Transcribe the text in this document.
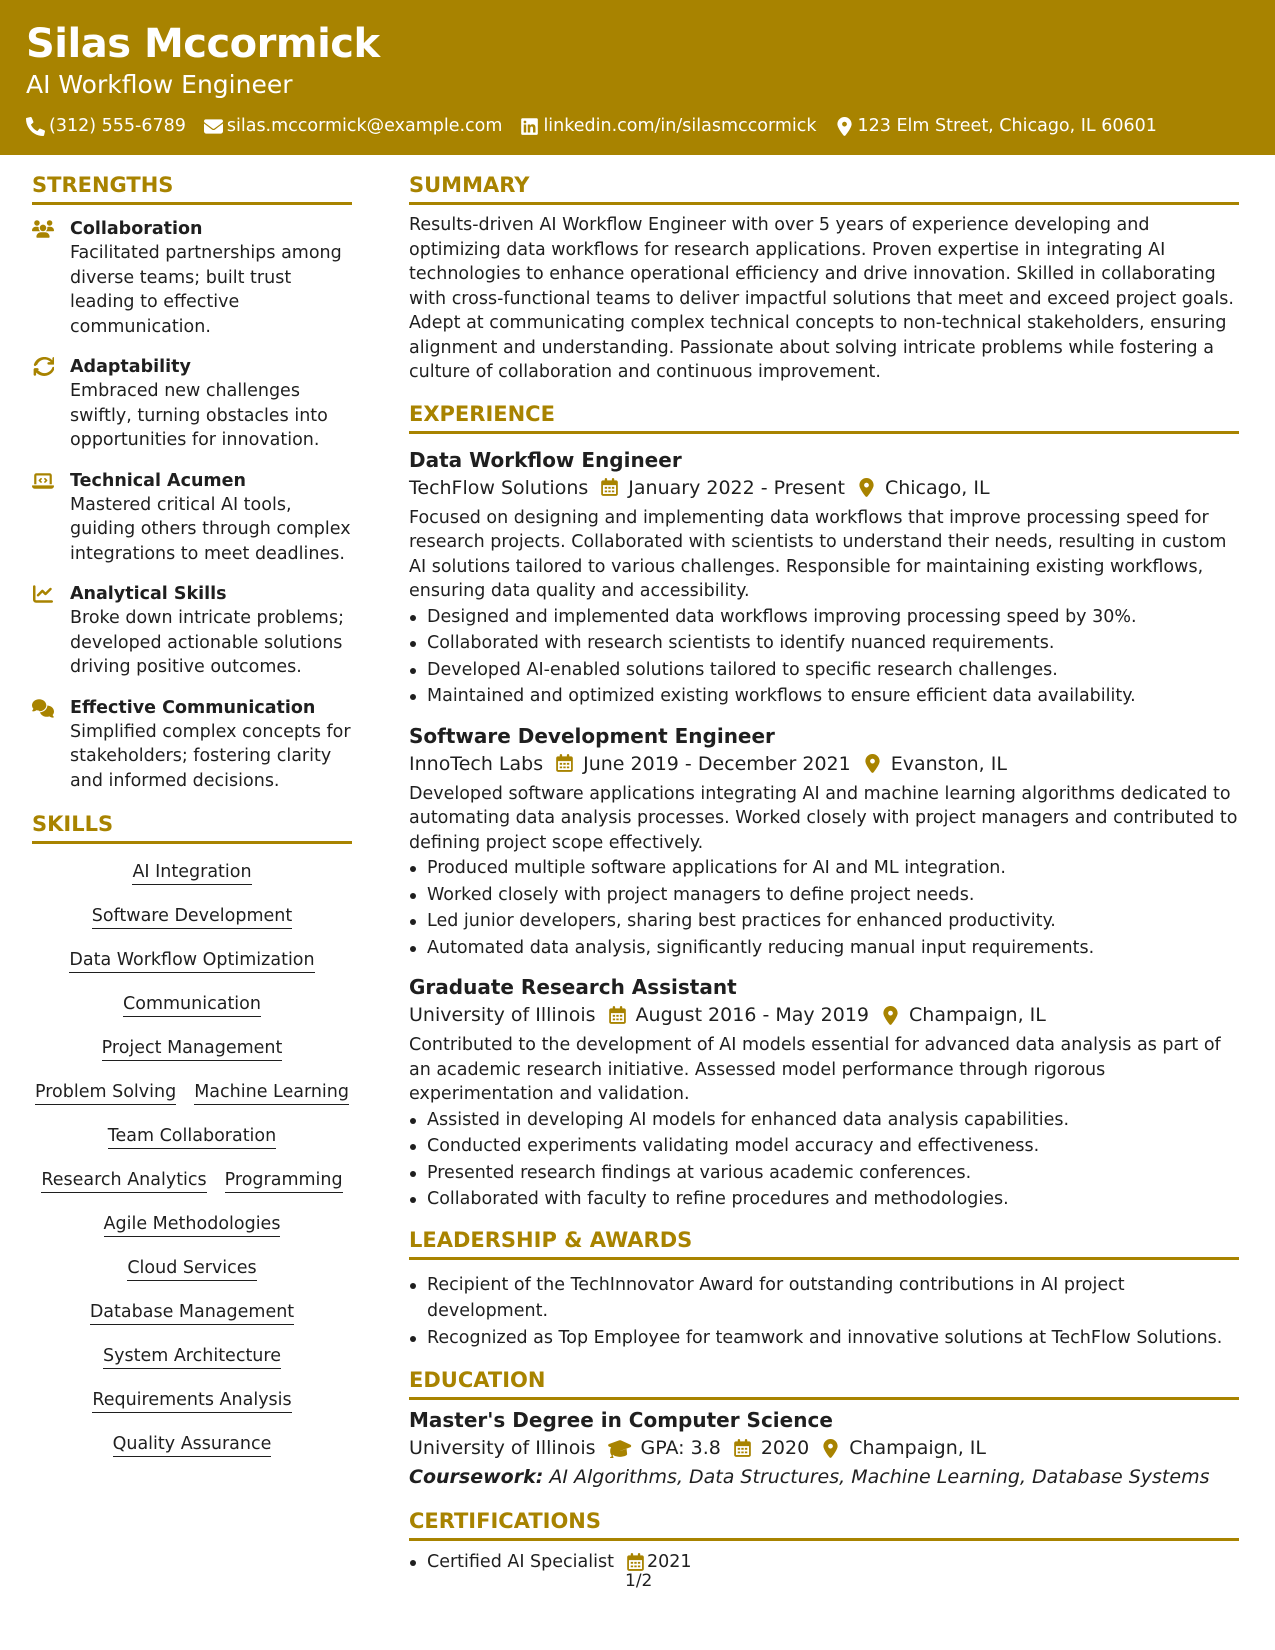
Silas Mccormick
AI Workflow Engineer
(312) 555-6789 silas.mccormick@example.com linkedin.com/in/silasmccormick 123 Elm Street, Chicago, IL 60601
STRENGTHS
Collaboration
Facilitated partnerships among diverse teams; built trust leading to effective communication.
Adaptability
Embraced new challenges swiftly, turning obstacles into opportunities for innovation.
Technical Acumen
Mastered critical AI tools, guiding others through complex integrations to meet deadlines.
Analytical Skills
Broke down intricate problems; developed actionable solutions driving positive outcomes.
Effective Communication
Simplified complex concepts for stakeholders; fostering clarity and informed decisions.
SKILLS
AI Integration
Software Development
Data Workflow Optimization
Communication
Project Management
Problem Solving Machine Learning
Team Collaboration
Research Analytics Programming
Agile Methodologies
Cloud Services
Database Management
System Architecture
Requirements Analysis
Quality Assurance
SUMMARY
Results-driven AI Workflow Engineer with over 5 years of experience developing and optimizing data workflows for research applications. Proven expertise in integrating AI technologies to enhance operational efficiency and drive innovation. Skilled in collaborating with cross-functional teams to deliver impactful solutions that meet and exceed project goals. Adept at communicating complex technical concepts to non-technical stakeholders, ensuring alignment and understanding. Passionate about solving intricate problems while fostering a culture of collaboration and continuous improvement.
EXPERIENCE
Data Workflow Engineer
TechFlow Solutions January 2022 - Present Chicago, IL
Focused on designing and implementing data workflows that improve processing speed for research projects. Collaborated with scientists to understand their needs, resulting in custom AI solutions tailored to various challenges. Responsible for maintaining existing workflows, ensuring data quality and accessibility.
Designed and implemented data workflows improving processing speed by 30%.
Collaborated with research scientists to identify nuanced requirements.
Developed AI-enabled solutions tailored to specific research challenges.
Maintained and optimized existing workflows to ensure efficient data availability.
Software Development Engineer
InnoTech Labs June 2019 - December 2021 Evanston, IL
Developed software applications integrating AI and machine learning algorithms dedicated to automating data analysis processes. Worked closely with project managers and contributed to defining project scope effectively.
Produced multiple software applications for AI and ML integration.
Worked closely with project managers to define project needs.
Led junior developers, sharing best practices for enhanced productivity.
Automated data analysis, significantly reducing manual input requirements.
Graduate Research Assistant
University of Illinois August 2016 - May 2019 Champaign, IL
Contributed to the development of AI models essential for advanced data analysis as part of an academic research initiative. Assessed model performance through rigorous experimentation and validation.
Assisted in developing AI models for enhanced data analysis capabilities.
Conducted experiments validating model accuracy and effectiveness.
Presented research findings at various academic conferences.
Collaborated with faculty to refine procedures and methodologies.
LEADERSHIP & AWARDS
Recipient of the TechInnovator Award for outstanding contributions in AI project development.
Recognized as Top Employee for teamwork and innovative solutions at TechFlow Solutions.
EDUCATION
Master's Degree in Computer Science
University of Illinois GPA: 3.8 2020 Champaign, IL
Coursework: AI Algorithms, Data Structures, Machine Learning, Database Systems
CERTIFICATIONS
Certified AI Specialist 2021
1/2
